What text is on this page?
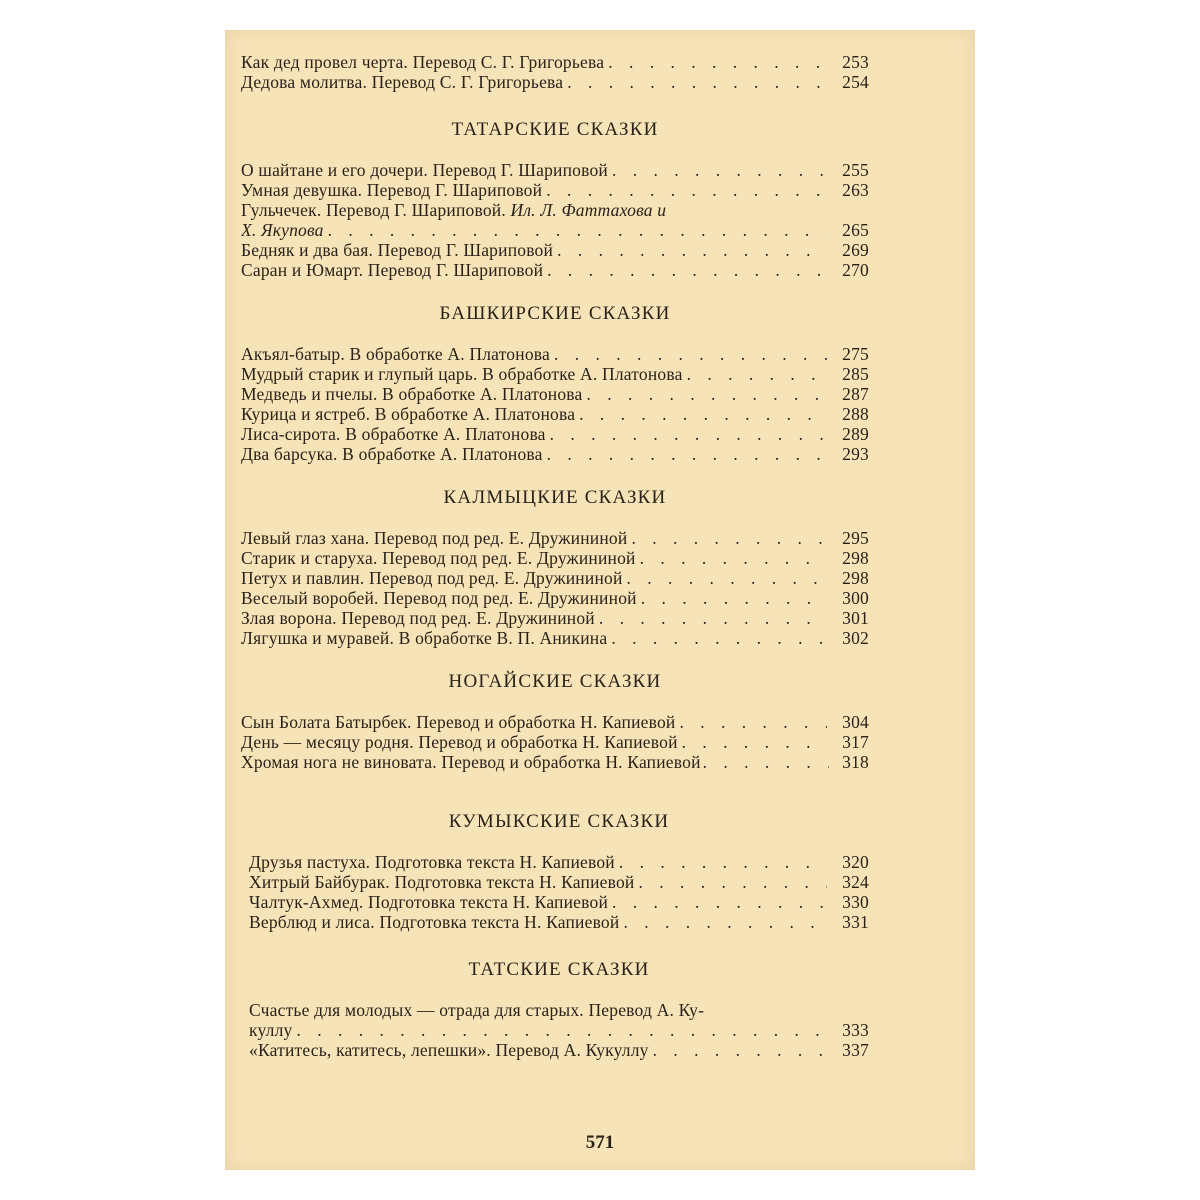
Как дед провел черта. Перевод С. Г. Григорьева . . .	253
Дедова молитва. Перевод С. Г. Григорьева . . .	254
ТАТАРСКИЕ СКАЗКИ
О шайтане и его дочери. Перевод Г. Шариповой . . .	255
Умная девушка. Перевод Г. Шариповой . . .	263
Гульчечек. Перевод Г. Шариповой. Ил. Л. Фаттахова и
Х. Якупова . . .	265
Бедняк и два бая. Перевод Г. Шариповой . . .	269
Саран и Юмарт. Перевод Г. Шариповой . . .	270
БАШКИРСКИЕ СКАЗКИ
Акъял-батыр. В обработке А. Платонова . . .	275
Мудрый старик и глупый царь. В обработке А. Платонова . . .	285
Медведь и пчелы. В обработке А. Платонова . . .	287
Курица и ястреб. В обработке А. Платонова . . .	288
Лиса-сирота. В обработке А. Платонова . . .	289
Два барсука. В обработке А. Платонова . . .	293
КАЛМЫЦКИЕ СКАЗКИ
Левый глаз хана. Перевод под ред. Е. Дружининой . . .	295
Старик и старуха. Перевод под ред. Е. Дружининой . . .	298
Петух и павлин. Перевод под ред. Е. Дружининой . . .	298
Веселый воробей. Перевод под ред. Е. Дружининой . . .	300
Злая ворона. Перевод под ред. Е. Дружининой . . .	301
Лягушка и муравей. В обработке В. П. Аникина . . .	302
НОГАЙСКИЕ СКАЗКИ
Сын Болата Батырбек. Перевод и обработка Н. Капиевой . . .	304
День — месяцу родня. Перевод и обработка Н. Капиевой . . .	317
Хромая нога не виновата. Перевод и обработка Н. Капиевой . . .	318
КУМЫКСКИЕ СКАЗКИ
Друзья пастуха. Подготовка текста Н. Капиевой . . .	320
Хитрый Байбурак. Подготовка текста Н. Капиевой . . .	324
Чалтук-Ахмед. Подготовка текста Н. Капиевой . . .	330
Верблюд и лиса. Подготовка текста Н. Капиевой . . .	331
ТАТСКИЕ СКАЗКИ
Счастье для молодых — отрада для старых. Перевод А. Ку-
куллу . . .	333
«Катитесь, катитесь, лепешки». Перевод А. Кукуллу . . .	337
571
